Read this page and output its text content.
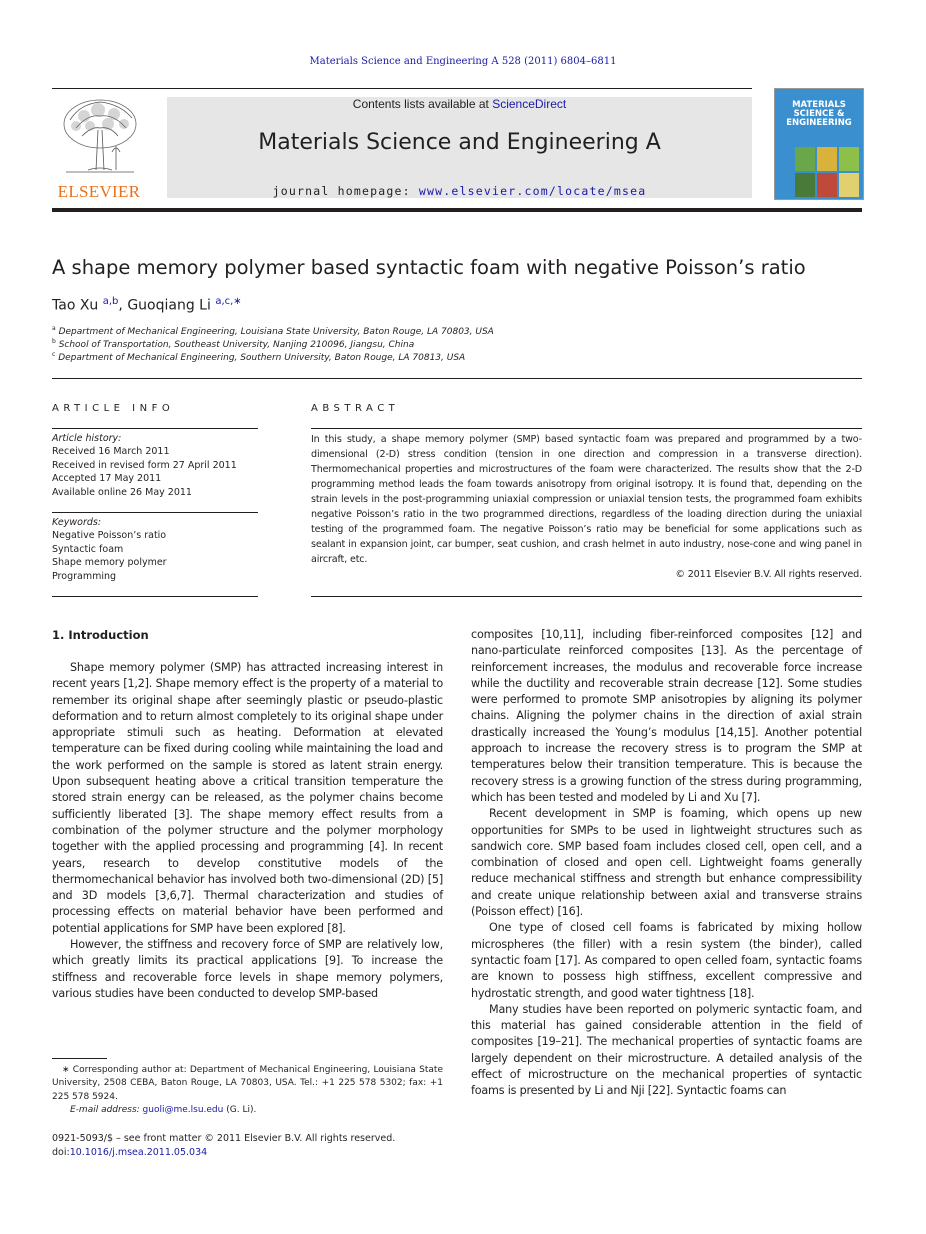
Materials Science and Engineering A 528 (2011) 6804–6811
ELSEVIER
Contents lists available at ScienceDirect
Materials Science and Engineering A
journal homepage: www.elsevier.com/locate/msea
MATERIALS SCIENCE & ENGINEERING
A shape memory polymer based syntactic foam with negative Poisson’s ratio
Tao Xu $^{a,b}$, Guoqiang Li $^{a,c,∗}$
$^a$ Department of Mechanical Engineering, Louisiana State University, Baton Rouge, LA 70803, USA
$^b$ School of Transportation, Southeast University, Nanjing 210096, Jiangsu, China
$^c$ Department of Mechanical Engineering, Southern University, Baton Rouge, LA 70813, USA
ARTICLE INFO
Article history:
Received 16 March 2011
Received in revised form 27 April 2011
Accepted 17 May 2011
Available online 26 May 2011
Keywords:
Negative Poisson’s ratio
Syntactic foam
Shape memory polymer
Programming
ABSTRACT
In this study, a shape memory polymer (SMP) based syntactic foam was prepared and programmed by a two-dimensional (2-D) stress condition (tension in one direction and compression in a transverse direction). Thermomechanical properties and microstructures of the foam were characterized. The results show that the 2-D programming method leads the foam towards anisotropy from original isotropy. It is found that, depending on the strain levels in the post-programming uniaxial compression or uniaxial tension tests, the programmed foam exhibits negative Poisson’s ratio in the two programmed directions, regardless of the loading direction during the uniaxial testing of the programmed foam. The negative Poisson’s ratio may be beneficial for some applications such as sealant in expansion joint, car bumper, seat cushion, and crash helmet in auto industry, nose-cone and wing panel in aircraft, etc.
© 2011 Elsevier B.V. All rights reserved.
1. Introduction

Shape memory polymer (SMP) has attracted increasing interest in recent years [1,2]. Shape memory effect is the property of a material to remember its original shape after seemingly plastic or pseudo-plastic deformation and to return almost completely to its original shape under appropriate stimuli such as heating. Deformation at elevated temperature can be fixed during cooling while maintaining the load and the work performed on the sample is stored as latent strain energy. Upon subsequent heating above a critical transition temperature the stored strain energy can be released, as the polymer chains become sufficiently liberated [3]. The shape memory effect results from a combination of the polymer structure and the polymer morphology together with the applied processing and programming [4]. In recent years, research to develop constitutive models of the thermomechanical behavior has involved both two-dimensional (2D) [5] and 3D models [3,6,7]. Thermal characterization and studies of processing effects on material behavior have been performed and potential applications for SMP have been explored [8].

However, the stiffness and recovery force of SMP are relatively low, which greatly limits its practical applications [9]. To increase the stiffness and recoverable force levels in shape memory polymers, various studies have been conducted to develop SMP-based

composites [10,11], including fiber-reinforced composites [12] and nano-particulate reinforced composites [13]. As the percentage of reinforcement increases, the modulus and recoverable force increase while the ductility and recoverable strain decrease [12]. Some studies were performed to promote SMP anisotropies by aligning its polymer chains. Aligning the polymer chains in the direction of axial strain drastically increased the Young’s modulus [14,15]. Another potential approach to increase the recovery stress is to program the SMP at temperatures below their transition temperature. This is because the recovery stress is a growing function of the stress during programming, which has been tested and modeled by Li and Xu [7].

Recent development in SMP is foaming, which opens up new opportunities for SMPs to be used in lightweight structures such as sandwich core. SMP based foam includes closed cell, open cell, and a combination of closed and open cell. Lightweight foams generally reduce mechanical stiffness and strength but enhance compressibility and create unique relationship between axial and transverse strains (Poisson effect) [16].

One type of closed cell foams is fabricated by mixing hollow microspheres (the filler) with a resin system (the binder), called syntactic foam [17]. As compared to open celled foam, syntactic foams are known to possess high stiffness, excellent compressive and hydrostatic strength, and good water tightness [18].

Many studies have been reported on polymeric syntactic foam, and this material has gained considerable attention in the field of composites [19–21]. The mechanical properties of syntactic foams are largely dependent on their microstructure. A detailed analysis of the effect of microstructure on the mechanical properties of syntactic foams is presented by Li and Nji [22]. Syntactic foams can

∗ Corresponding author at: Department of Mechanical Engineering, Louisiana State University, 2508 CEBA, Baton Rouge, LA 70803, USA. Tel.: +1 225 578 5302; fax: +1 225 578 5924.

E-mail address: guoli@me.lsu.edu (G. Li).

0921-5093/$ – see front matter © 2011 Elsevier B.V. All rights reserved.
doi:10.1016/j.msea.2011.05.034
